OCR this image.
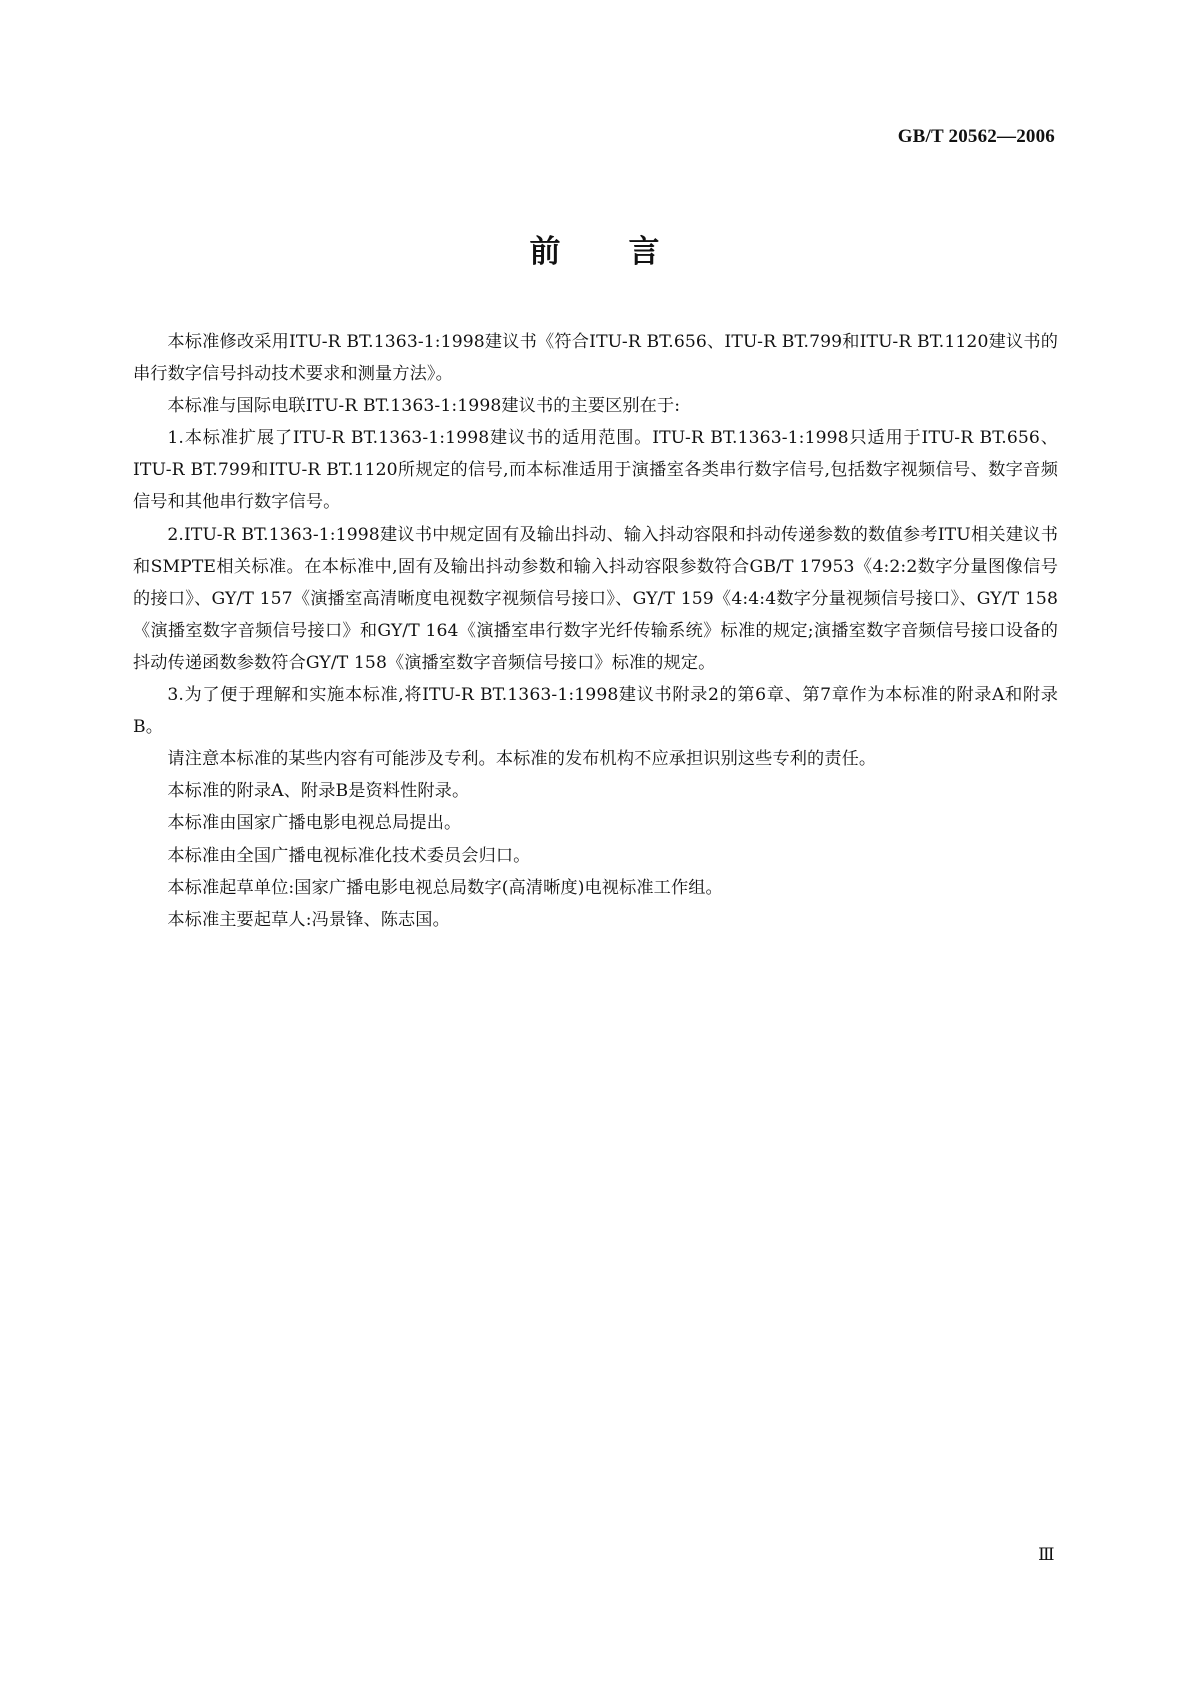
GB/T 20562—2006
前 言

本标准修改采用ITU-R BT.1363-1:1998建议书《符合ITU-R BT.656、ITU-R BT.799和ITU-R BT.1120建议书的串行数字信号抖动技术要求和测量方法》。

本标准与国际电联ITU-R BT.1363-1:1998建议书的主要区别在于:

1.本标准扩展了ITU-R BT.1363-1:1998建议书的适用范围。ITU-R BT.1363-1:1998只适用于ITU-R BT.656、ITU-R BT.799和ITU-R BT.1120所规定的信号,而本标准适用于演播室各类串行数字信号,包括数字视频信号、数字音频信号和其他串行数字信号。

2.ITU-R BT.1363-1:1998建议书中规定固有及输出抖动、输入抖动容限和抖动传递参数的数值参考ITU相关建议书和SMPTE相关标准。在本标准中,固有及输出抖动参数和输入抖动容限参数符合GB/T 17953《4:2:2数字分量图像信号的接口》、GY/T 157《演播室高清晰度电视数字视频信号接口》、GY/T 159《4:4:4数字分量视频信号接口》、GY/T 158《演播室数字音频信号接口》和GY/T 164《演播室串行数字光纤传输系统》标准的规定;演播室数字音频信号接口设备的抖动传递函数参数符合GY/T 158《演播室数字音频信号接口》标准的规定。

3.为了便于理解和实施本标准,将ITU-R BT.1363-1:1998建议书附录2的第6章、第7章作为本标准的附录A和附录B。

请注意本标准的某些内容有可能涉及专利。本标准的发布机构不应承担识别这些专利的责任。

本标准的附录A、附录B是资料性附录。

本标准由国家广播电影电视总局提出。

本标准由全国广播电视标准化技术委员会归口。

本标准起草单位:国家广播电影电视总局数字(高清晰度)电视标准工作组。

本标准主要起草人:冯景锋、陈志国。

Ⅲ
